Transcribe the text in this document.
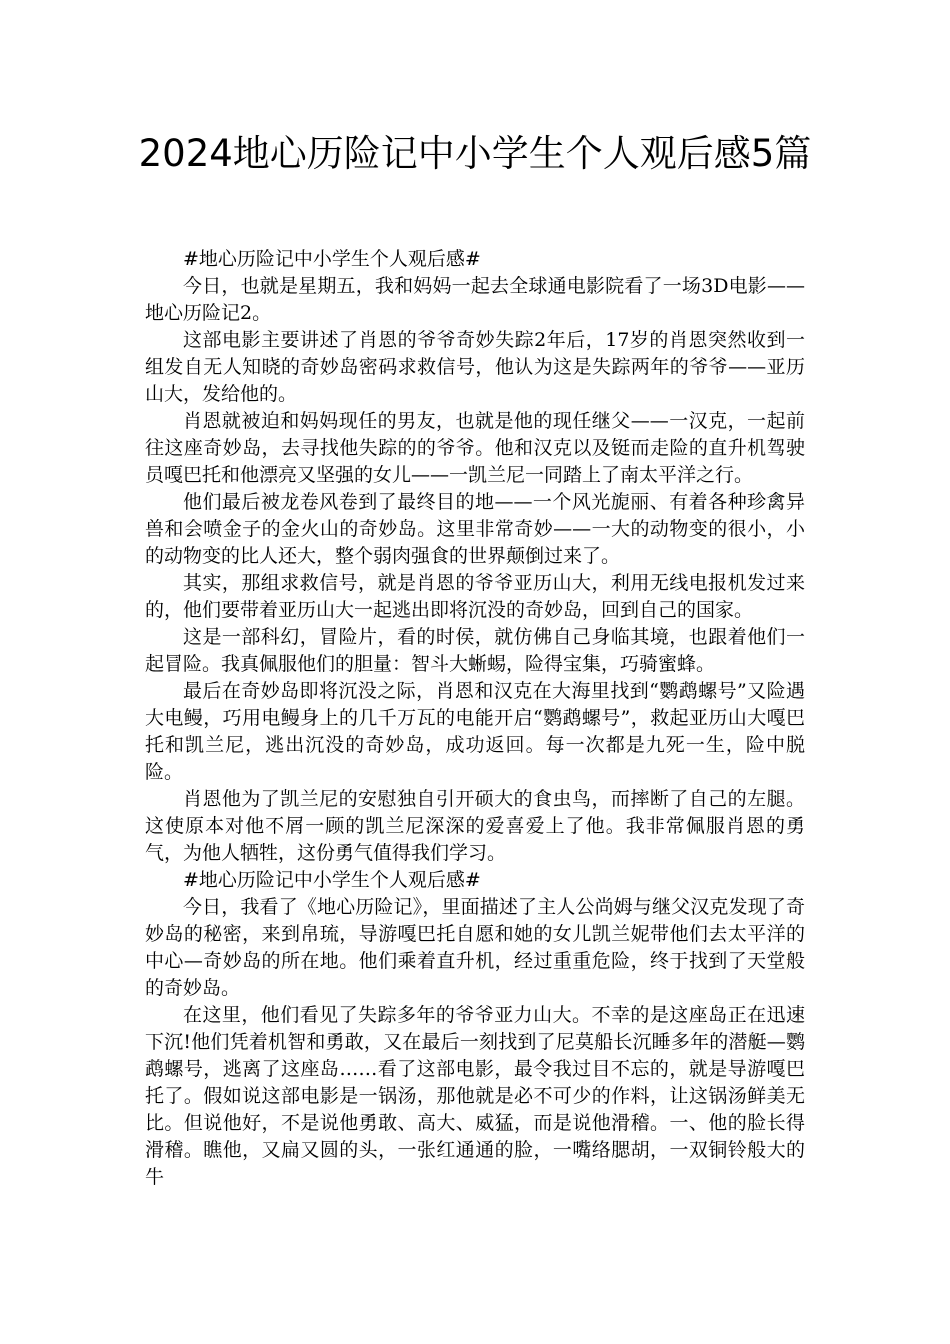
2024地心历险记中小学生个人观后感5篇

#地心历险记中小学生个人观后感#

今日，也就是星期五，我和妈妈一起去全球通电影院看了一场3D电影——地心历险记2。

这部电影主要讲述了肖恩的爷爷奇妙失踪2年后，17岁的肖恩突然收到一组发自无人知晓的奇妙岛密码求救信号，他认为这是失踪两年的爷爷——亚历山大，发给他的。

肖恩就被迫和妈妈现任的男友，也就是他的现任继父——一汉克，一起前往这座奇妙岛，去寻找他失踪的的爷爷。他和汉克以及铤而走险的直升机驾驶员嘎巴托和他漂亮又坚强的女儿——一凯兰尼一同踏上了南太平洋之行。

他们最后被龙卷风卷到了最终目的地——一个风光旎丽、有着各种珍禽异兽和会喷金子的金火山的奇妙岛。这里非常奇妙——一大的动物变的很小，小的动物变的比人还大，整个弱肉强食的世界颠倒过来了。

其实，那组求救信号，就是肖恩的爷爷亚历山大，利用无线电报机发过来的，他们要带着亚历山大一起逃出即将沉没的奇妙岛，回到自己的国家。

这是一部科幻，冒险片，看的时侯，就仿佛自己身临其境，也跟着他们一起冒险。我真佩服他们的胆量：智斗大蜥蜴，险得宝集，巧骑蜜蜂。

最后在奇妙岛即将沉没之际，肖恩和汉克在大海里找到“鹦鹉螺号”又险遇大电鳗，巧用电鳗身上的几千万瓦的电能开启“鹦鹉螺号”，救起亚历山大嘎巴托和凯兰尼，逃出沉没的奇妙岛，成功返回。每一次都是九死一生，险中脱险。

肖恩他为了凯兰尼的安慰独自引开硕大的食虫鸟，而摔断了自己的左腿。这使原本对他不屑一顾的凯兰尼深深的爱喜爱上了他。我非常佩服肖恩的勇气，为他人牺牲，这份勇气值得我们学习。

#地心历险记中小学生个人观后感#

今日，我看了《地心历险记》，里面描述了主人公尚姆与继父汉克发现了奇妙岛的秘密，来到帛琉，导游嘎巴托自愿和她的女儿凯兰妮带他们去太平洋的中心—奇妙岛的所在地。他们乘着直升机，经过重重危险，终于找到了天堂般的奇妙岛。

在这里，他们看见了失踪多年的爷爷亚力山大。不幸的是这座岛正在迅速下沉!他们凭着机智和勇敢，又在最后一刻找到了尼莫船长沉睡多年的潜艇—鹦鹉螺号，逃离了这座岛……看了这部电影，最令我过目不忘的，就是导游嘎巴托了。假如说这部电影是一锅汤，那他就是必不可少的作料，让这锅汤鲜美无比。但说他好，不是说他勇敢、高大、威猛，而是说他滑稽。一、他的脸长得滑稽。瞧他，又扁又圆的头，一张红通通的脸，一嘴络腮胡，一双铜铃般大的牛
